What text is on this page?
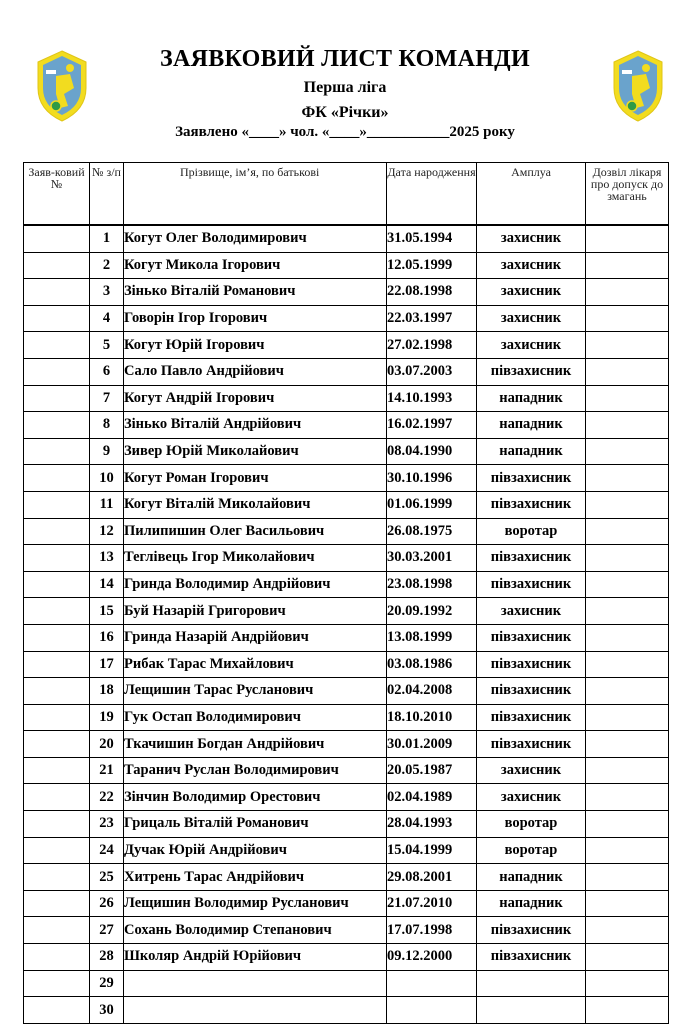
ЗАЯВКОВИЙ ЛИСТ КОМАНДИ
Перша ліга
ФК «Річки»
Заявлено «____» чол. «____»___________2025 року
Заяв-ковий №	№ з/п	Прізвище, ім’я, по батькові	Дата народження	Амплуа	Дозвіл лікаря про допуск до змагань
	1	Когут Олег Володимирович	31.05.1994	захисник	
	2	Когут Микола Ігорович	12.05.1999	захисник	
	3	Зінько Віталій Романович	22.08.1998	захисник	
	4	Говорін Ігор Ігорович	22.03.1997	захисник	
	5	Когут Юрій Ігорович	27.02.1998	захисник	
	6	Сало Павло Андрійович	03.07.2003	півзахисник	
	7	Когут Андрій Ігорович	14.10.1993	нападник	
	8	Зінько Віталій Андрійович	16.02.1997	нападник	
	9	Зивер Юрій Миколайович	08.04.1990	нападник	
	10	Когут Роман Ігорович	30.10.1996	півзахисник	
	11	Когут Віталій Миколайович	01.06.1999	півзахисник	
	12	Пилипишин Олег Васильович	26.08.1975	воротар	
	13	Теглівець Ігор Миколайович	30.03.2001	півзахисник	
	14	Гринда Володимир Андрійович	23.08.1998	півзахисник	
	15	Буй Назарій Григорович	20.09.1992	захисник	
	16	Гринда Назарій Андрійович	13.08.1999	півзахисник	
	17	Рибак Тарас Михайлович	03.08.1986	півзахисник	
	18	Лещишин Тарас Русланович	02.04.2008	півзахисник	
	19	Гук Остап Володимирович	18.10.2010	півзахисник	
	20	Ткачишин Богдан Андрійович	30.01.2009	півзахисник	
	21	Таранич Руслан Володимирович	20.05.1987	захисник	
	22	Зінчин Володимир Орестович	02.04.1989	захисник	
	23	Грицаль Віталій Романович	28.04.1993	воротар	
	24	Дучак Юрій Андрійович	15.04.1999	воротар	
	25	Хитрень Тарас Андрійович	29.08.2001	нападник	
	26	Лещишин Володимир Русланович	21.07.2010	нападник	
	27	Сохань Володимир Степанович	17.07.1998	півзахисник	
	28	Школяр Андрій Юрійович	09.12.2000	півзахисник	
	29				
	30				
